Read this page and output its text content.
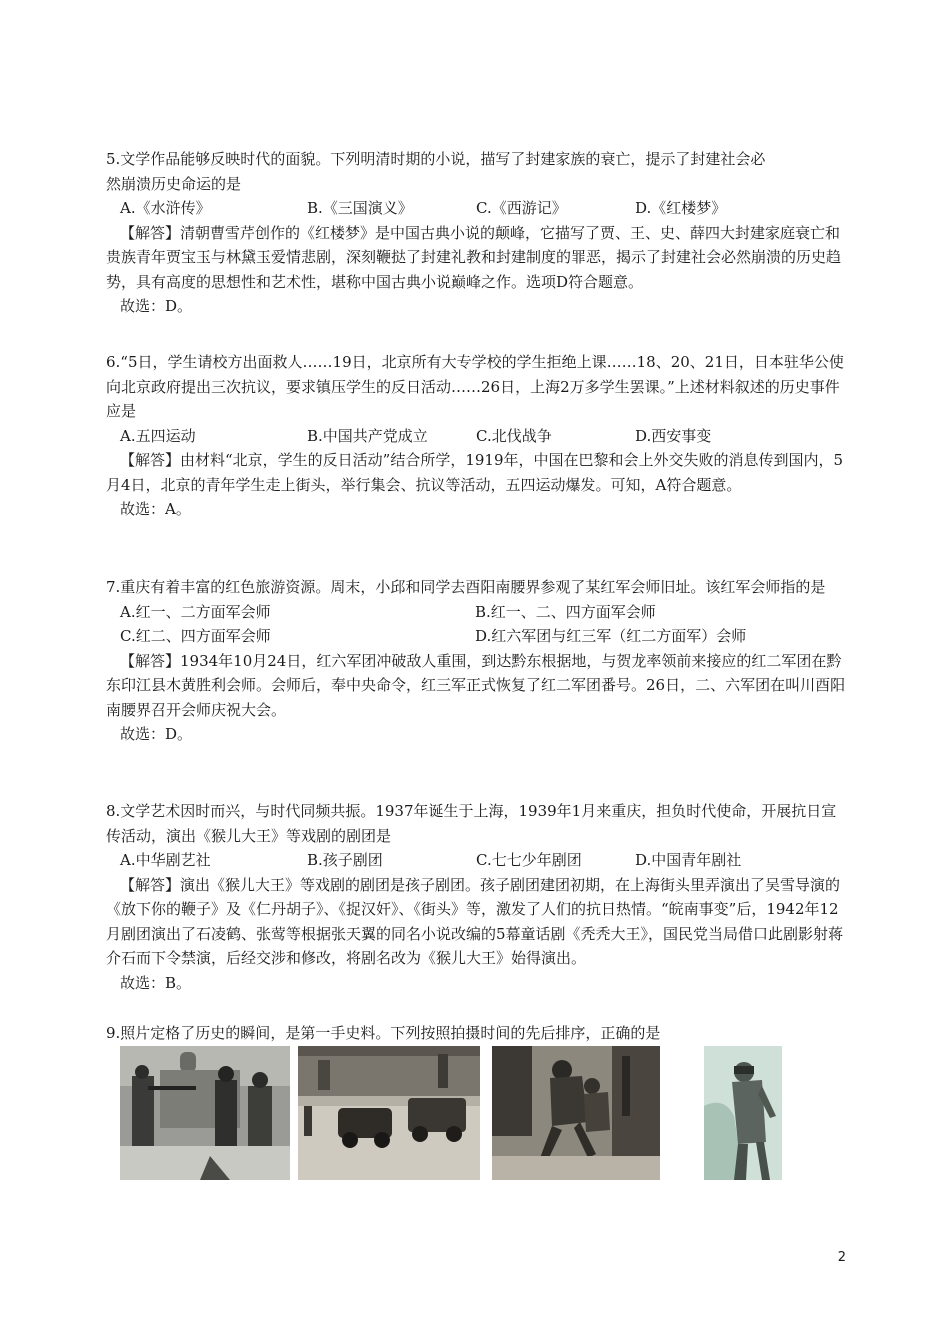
5.文学作品能够反映时代的面貌。下列明清时期的小说，描写了封建家族的衰亡，提示了封建社会必
然崩溃历史命运的是
A.《水浒传》	B.《三国演义》	C.《西游记》	D.《红楼梦》
【解答】清朝曹雪芹创作的《红楼梦》是中国古典小说的颠峰，它描写了贾、王、史、薛四大封建家庭衰亡和贵族青年贾宝玉与林黛玉爱情悲剧，深刻鞭挞了封建礼教和封建制度的罪恶，揭示了封建社会必然崩溃的历史趋势，具有高度的思想性和艺术性，堪称中国古典小说巅峰之作。选项D符合题意。
故选：D。
6.“5日，学生请校方出面救人……19日，北京所有大专学校的学生拒绝上课……18、20、21日，日本驻华公使向北京政府提出三次抗议，要求镇压学生的反日活动……26日，上海2万多学生罢课。”上述材料叙述的历史事件应是
A.五四运动	B.中国共产党成立	C.北伐战争	D.西安事变
【解答】由材料“北京，学生的反日活动”结合所学，1919年，中国在巴黎和会上外交失败的消息传到国内，5月4日，北京的青年学生走上街头，举行集会、抗议等活动，五四运动爆发。可知，A符合题意。
故选：A。
7.重庆有着丰富的红色旅游资源。周末，小邱和同学去酉阳南腰界参观了某红军会师旧址。该红军会师指的是
A.红一、二方面军会师	B.红一、二、四方面军会师
C.红二、四方面军会师	D.红六军团与红三军（红二方面军）会师
【解答】1934年10月24日，红六军团冲破敌人重围，到达黔东根据地，与贺龙率领前来接应的红二军团在黔东印江县木黄胜利会师。会师后，奉中央命令，红三军正式恢复了红二军团番号。26日，二、六军团在叫川酉阳南腰界召开会师庆祝大会。
故选：D。
8.文学艺术因时而兴，与时代同频共振。1937年诞生于上海，1939年1月来重庆，担负时代使命，开展抗日宣传活动，演出《猴儿大王》等戏剧的剧团是
A.中华剧艺社	B.孩子剧团	C.七七少年剧团	D.中国青年剧社
【解答】演出《猴儿大王》等戏剧的剧团是孩子剧团。孩子剧团建团初期，在上海街头里弄演出了吴雪导演的《放下你的鞭子》及《仁丹胡子》、《捉汉奸》、《街头》等，激发了人们的抗日热情。“皖南事变”后，1942年12月剧团演出了石凌鹤、张莺等根据张天翼的同名小说改编的5幕童话剧《秃秃大王》，国民党当局借口此剧影射蒋介石而下令禁演，后经交涉和修改，将剧名改为《猴儿大王》始得演出。
故选：B。
9.照片定格了历史的瞬间，是第一手史料。下列按照拍摄时间的先后排序，正确的是
2
